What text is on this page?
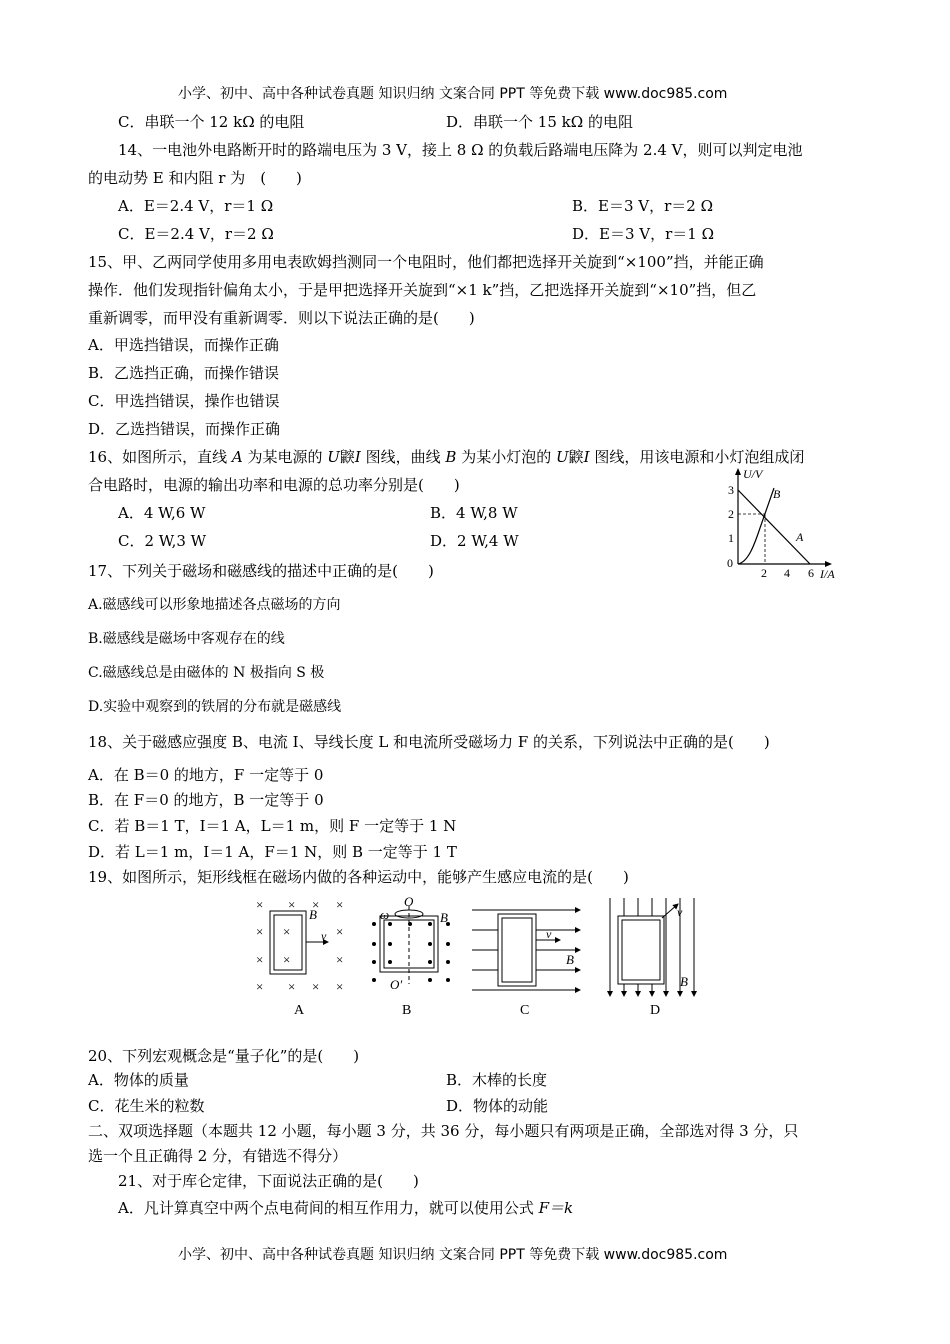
小学、初中、高中各种试卷真题 知识归纳 文案合同 PPT 等免费下载 www.doc985.com
C．串联一个 12 kΩ 的电阻	D．串联一个 15 kΩ 的电阻
14、一电池外电路断开时的路端电压为 3 V，接上 8 Ω 的负载后路端电压降为 2.4 V，则可以判定电池
的电动势 E 和内阻 r 为　(　　)
A．E＝2.4 V，r＝1 Ω	B．E＝3 V，r＝2 Ω
C．E＝2.4 V，r＝2 Ω	D．E＝3 V，r＝1 Ω
15、甲、乙两同学使用多用电表欧姆挡测同一个电阻时，他们都把选择开关旋到“×100”挡，并能正确
操作．他们发现指针偏角太小，于是甲把选择开关旋到“×1 k”挡，乙把选择开关旋到“×10”挡，但乙
重新调零，而甲没有重新调零．则以下说法正确的是(　　)
A．甲选挡错误，而操作正确
B．乙选挡正确，而操作错误
C．甲选挡错误，操作也错误
D．乙选挡错误，而操作正确
16、如图所示，直线 A 为某电源的 U鼵I 图线，曲线 B 为某小灯泡的 U鼵I 图线，用该电源和小灯泡组成闭
合电路时，电源的输出功率和电源的总功率分别是(　　)
A．4 W,6 W	B．4 W,8 W
C．2 W,3 W	D．2 W,4 W
U/V
I/A
3
2
1
0
2 4 6
B
A
17、下列关于磁场和磁感线的描述中正确的是(　　)
A.磁感线可以形象地描述各点磁场的方向
B.磁感线是磁场中客观存在的线
C.磁感线总是由磁体的 N 极指向 S 极
D.实验中观察到的铁屑的分布就是磁感线
18、关于磁感应强度 B、电流 I、导线长度 L 和电流所受磁场力 F 的关系，下列说法中正确的是(　　)
A．在 B＝0 的地方，F 一定等于 0
B．在 F＝0 的地方，B 一定等于 0
C．若 B＝1 T，I＝1 A，L＝1 m，则 F 一定等于 1 N
D．若 L＝1 m，I＝1 A，F＝1 N，则 B 一定等于 1 T
19、如图所示，矩形线框在磁场内做的各种运动中，能够产生感应电流的是(　　)
× × × ×
×	×
×	×
× × × ×
×
×
B
v
A
O
ω	B
O′
B
v
B
C
v
B
D
20、下列宏观概念是“量子化”的是(　　)
A．物体的质量	B．木棒的长度
C．花生米的粒数	D．物体的动能
二、双项选择题（本题共 12 小题，每小题 3 分，共 36 分，每小题只有两项是正确，全部选对得 3 分，只
选一个且正确得 2 分，有错选不得分）
21、对于库仑定律，下面说法正确的是(　　)
A．凡计算真空中两个点电荷间的相互作用力，就可以使用公式 F＝k
小学、初中、高中各种试卷真题 知识归纳 文案合同 PPT 等免费下载 www.doc985.com
